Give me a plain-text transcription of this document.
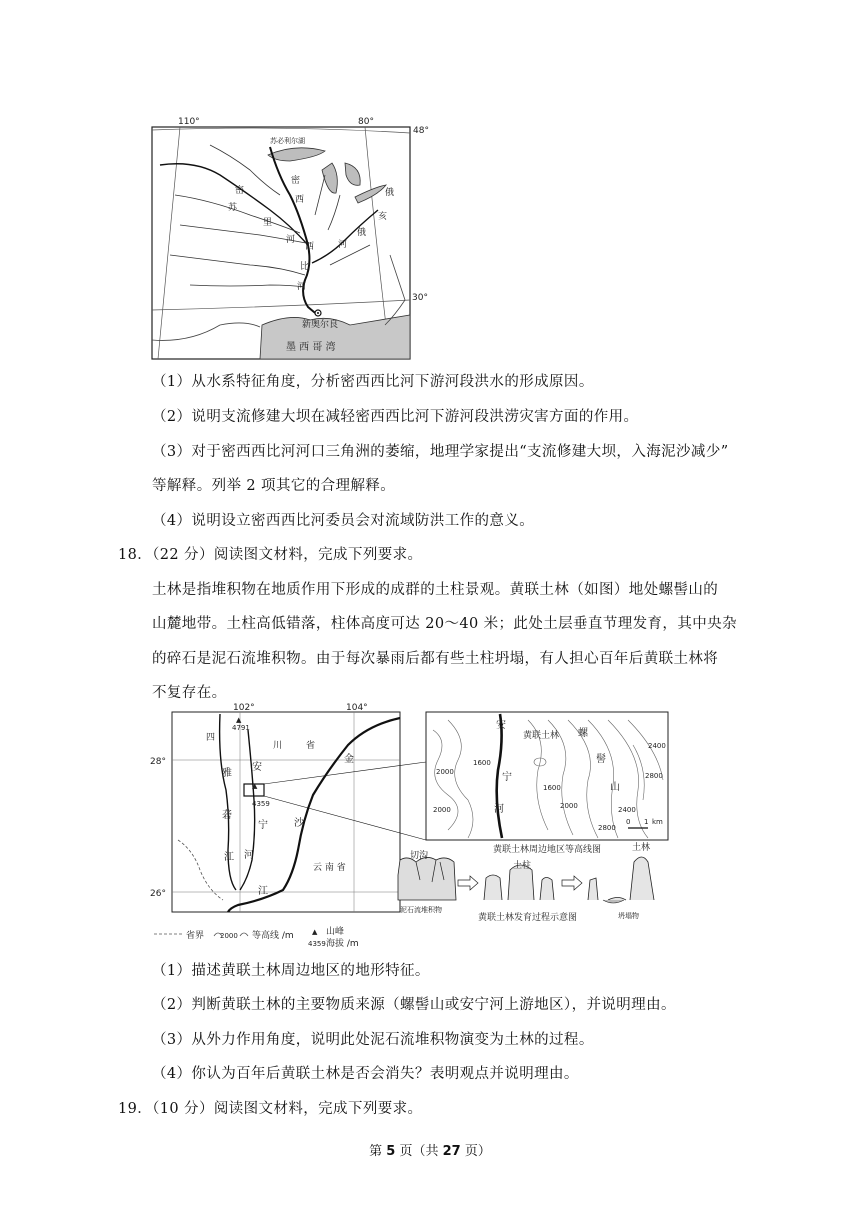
110°	80°
48°
30°
苏必利尔湖
新奥尔良
墨 西 哥 湾
密
苏
里
河
密
西
西
比
河
俄
亥
俄
河
（1）从水系特征角度，分析密西西比河下游河段洪水的形成原因。
（2）说明支流修建大坝在减轻密西西比河下游河段洪涝灾害方面的作用。
（3）对于密西西比河河口三角洲的萎缩，地理学家提出“支流修建大坝，入海泥沙减少”
等解释。列举 2 项其它的合理解释。
（4）说明设立密西西比河委员会对流域防洪工作的意义。
18．（22 分）阅读图文材料，完成下列要求。
土林是指堆积物在地质作用下形成的成群的土柱景观。黄联土林（如图）地处螺髻山的
山麓地带。土柱高低错落，柱体高度可达 20～40 米；此处土层垂直节理发育，其中央杂
的碎石是泥石流堆积物。由于每次暴雨后都有些土柱坍塌，有人担心百年后黄联土林将
不复存在。
102°	104°
28°
26°
▲
4791
▲
4359
四
川	省
云 南 省
雅
砻
江
安
宁
河
金
沙
江
安
宁
河
黄联土林 螺
髻
山
2000
1600
1600
2000	2000
2400
2800
2400
2800
0 1 km
黄联土林周边地区等高线图
切沟
泥石流堆积物
土柱
土林
坍塌物
黄联土林发育过程示意图
省界 2000 等高线 /m	▲
4359
山峰
海拔 /m
（1）描述黄联土林周边地区的地形特征。
（2）判断黄联土林的主要物质来源（螺髻山或安宁河上游地区），并说明理由。
（3）从外力作用角度，说明此处泥石流堆积物演变为土林的过程。
（4）你认为百年后黄联土林是否会消失？表明观点并说明理由。
19．（10 分）阅读图文材料，完成下列要求。
第 5 页（共 27 页）
